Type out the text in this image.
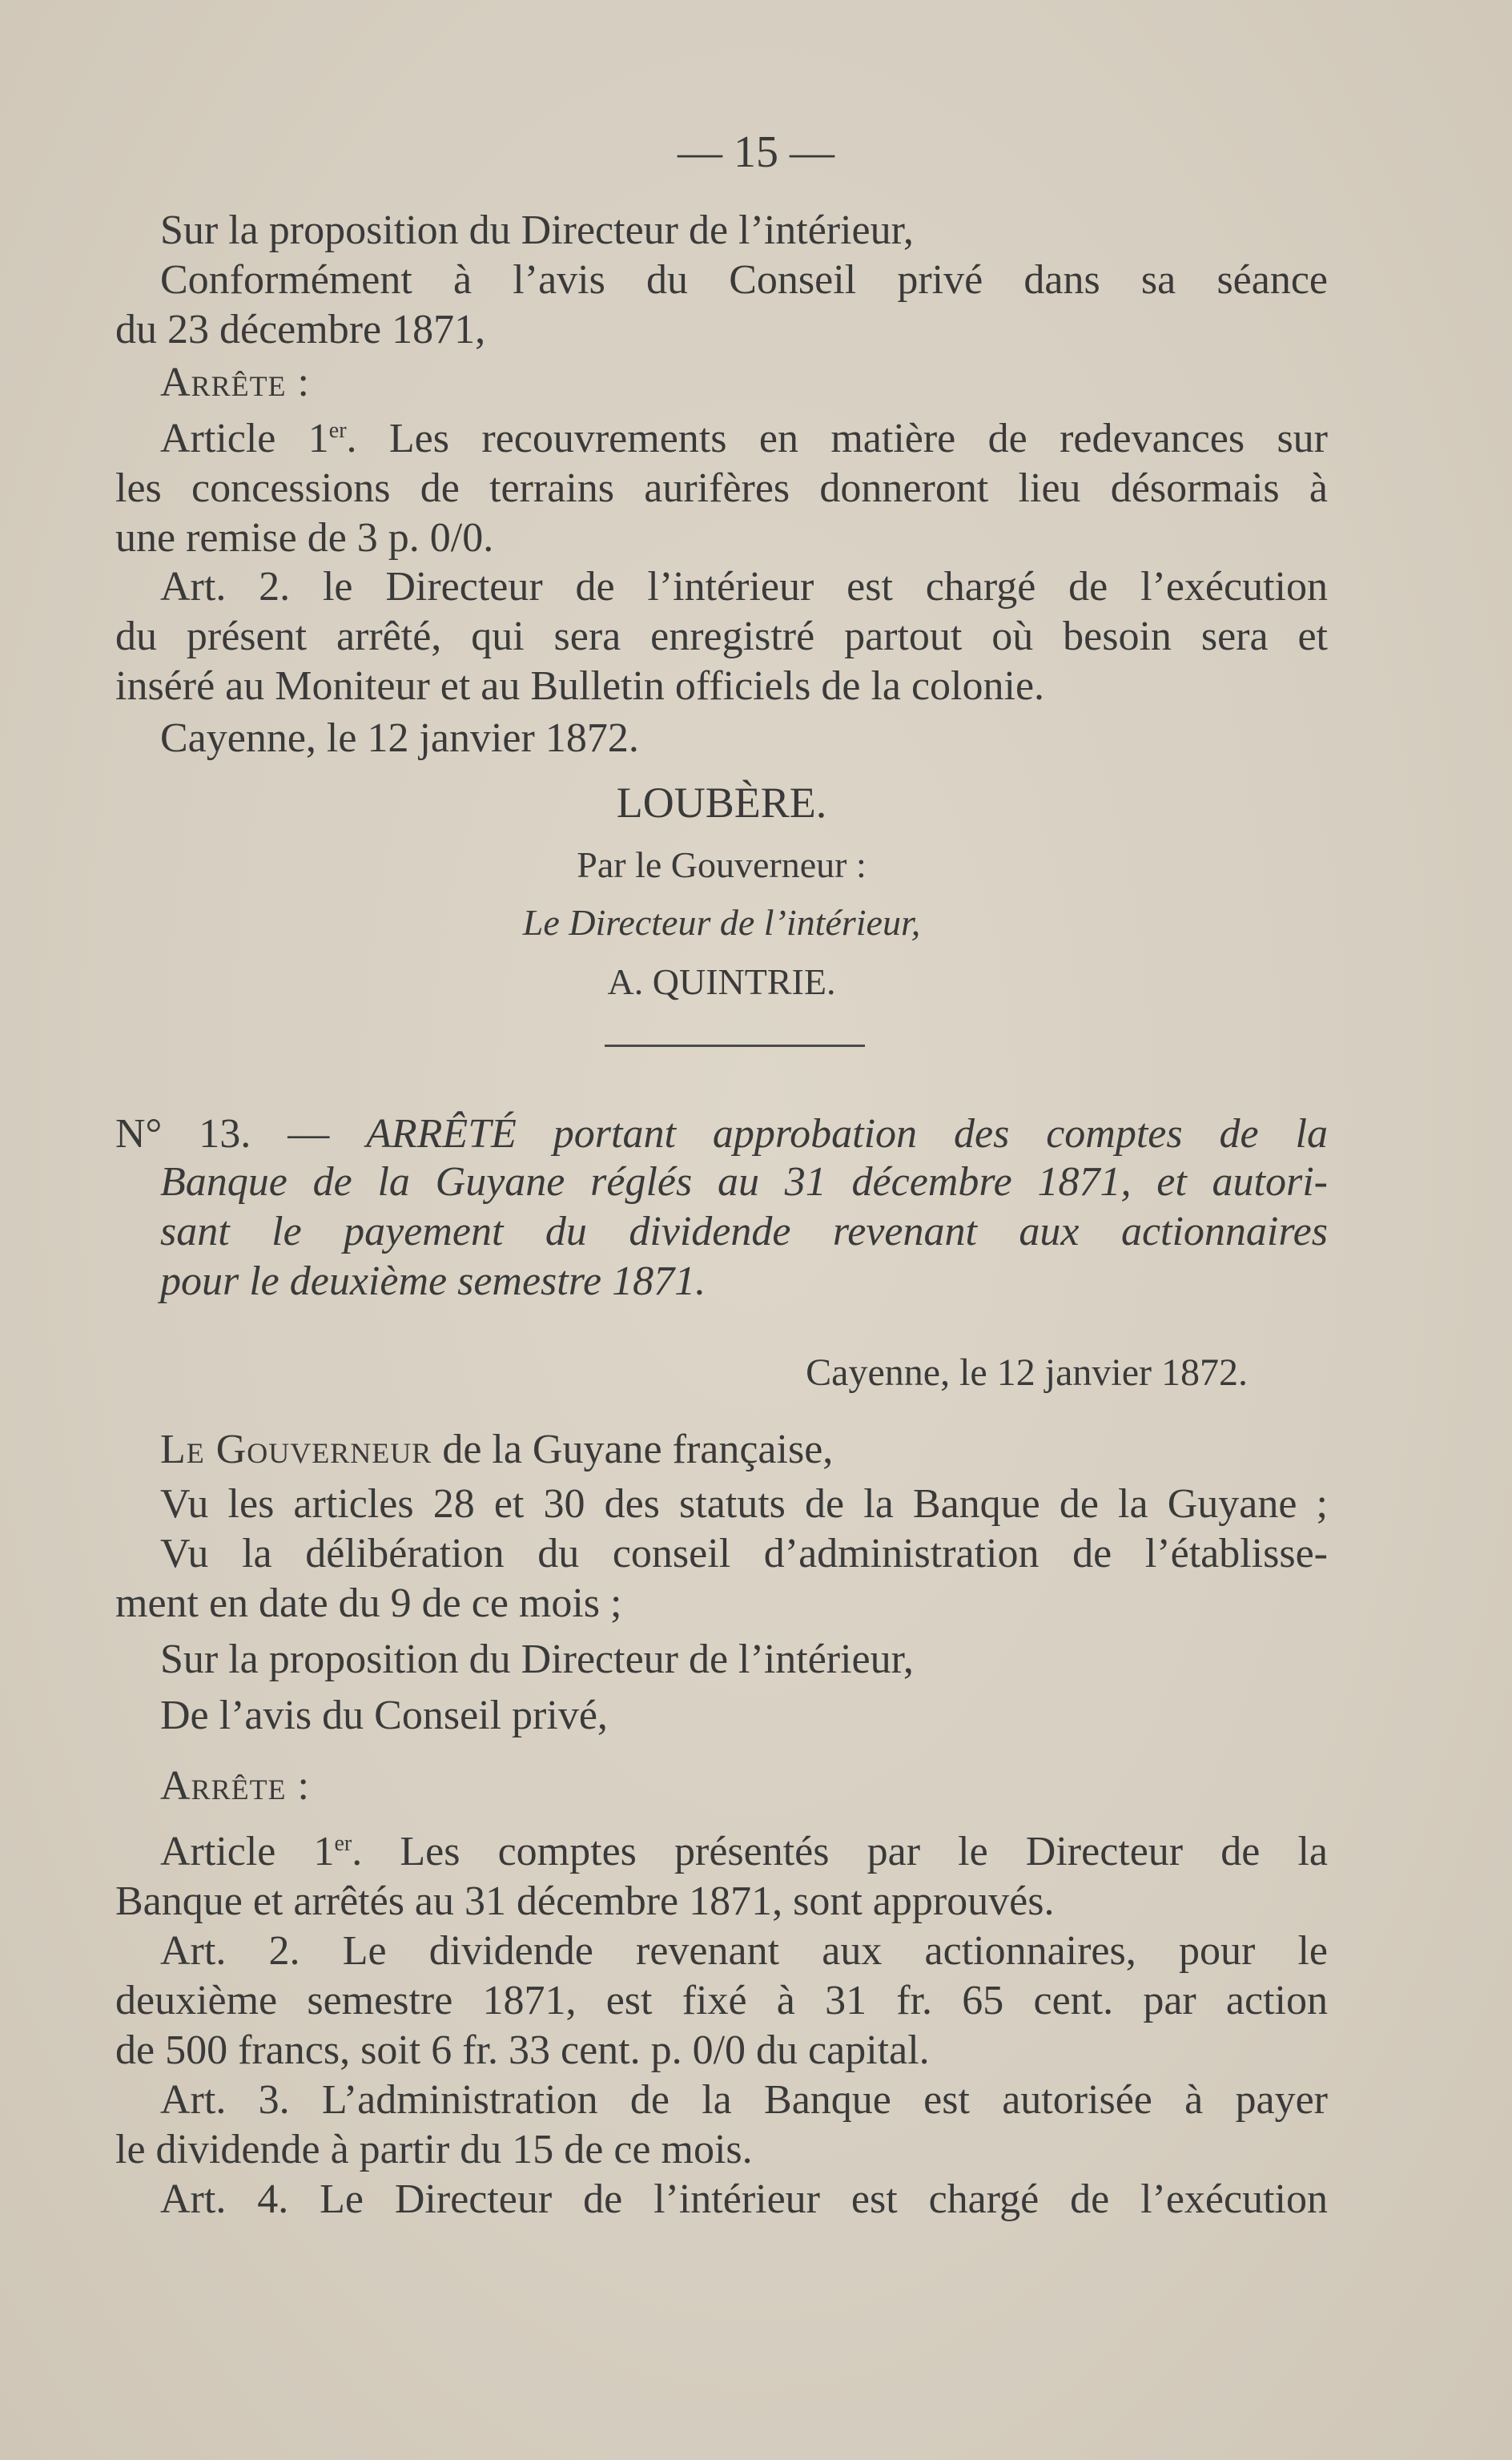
— 15 —
Sur la proposition du Directeur de l’intérieur,
Conformément à l’avis du Conseil privé dans sa séance
du 23 décembre 1871,
Arrête :
Article 1er. Les recouvrements en matière de redevances sur
les concessions de terrains aurifères donneront lieu désormais à
une remise de 3 p. 0/0.
Art. 2. le Directeur de l’intérieur est chargé de l’exécution
du présent arrêté, qui sera enregistré partout où besoin sera et
inséré au Moniteur et au Bulletin officiels de la colonie.
Cayenne, le 12 janvier 1872.
LOUBÈRE.
Par le Gouverneur :
Le Directeur de l’intérieur,
A. QUINTRIE.
N° 13. — ARRÊTÉ portant approbation des comptes de la
Banque de la Guyane réglés au 31 décembre 1871, et autori-
sant le payement du dividende revenant aux actionnaires
pour le deuxième semestre 1871.
Cayenne, le 12 janvier 1872.
Le Gouverneur de la Guyane française,
Vu les articles 28 et 30 des statuts de la Banque de la Guyane ;
Vu la délibération du conseil d’administration de l’établisse-
ment en date du 9 de ce mois ;
Sur la proposition du Directeur de l’intérieur,
De l’avis du Conseil privé,
Arrête :
Article 1er. Les comptes présentés par le Directeur de la
Banque et arrêtés au 31 décembre 1871, sont approuvés.
Art. 2. Le dividende revenant aux actionnaires, pour le
deuxième semestre 1871, est fixé à 31 fr. 65 cent. par action
de 500 francs, soit 6 fr. 33 cent. p. 0/0 du capital.
Art. 3. L’administration de la Banque est autorisée à payer
le dividende à partir du 15 de ce mois.
Art. 4. Le Directeur de l’intérieur est chargé de l’exécution
